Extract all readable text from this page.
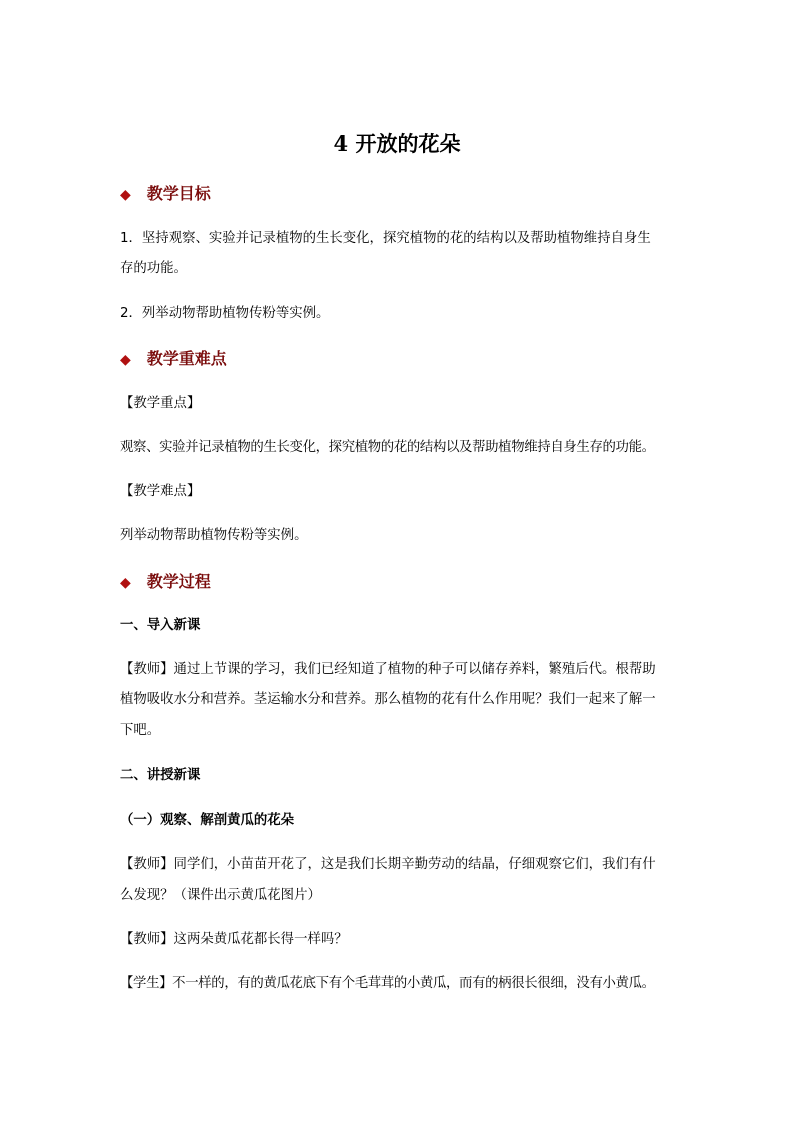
4 开放的花朵
◆ 教学目标
1．坚持观察、实验并记录植物的生长变化，探究植物的花的结构以及帮助植物维持自身生
存的功能。
2．列举动物帮助植物传粉等实例。
◆ 教学重难点
【教学重点】
观察、实验并记录植物的生长变化，探究植物的花的结构以及帮助植物维持自身生存的功能。
【教学难点】
列举动物帮助植物传粉等实例。
◆ 教学过程
一、导入新课
【教师】通过上节课的学习，我们已经知道了植物的种子可以储存养料，繁殖后代。根帮助
植物吸收水分和营养。茎运输水分和营养。那么植物的花有什么作用呢？我们一起来了解一
下吧。
二、讲授新课
（一）观察、解剖黄瓜的花朵
【教师】同学们，小苗苗开花了，这是我们长期辛勤劳动的结晶，仔细观察它们，我们有什
么发现？（课件出示黄瓜花图片）
【教师】这两朵黄瓜花都长得一样吗？
【学生】不一样的，有的黄瓜花底下有个毛茸茸的小黄瓜，而有的柄很长很细，没有小黄瓜。
